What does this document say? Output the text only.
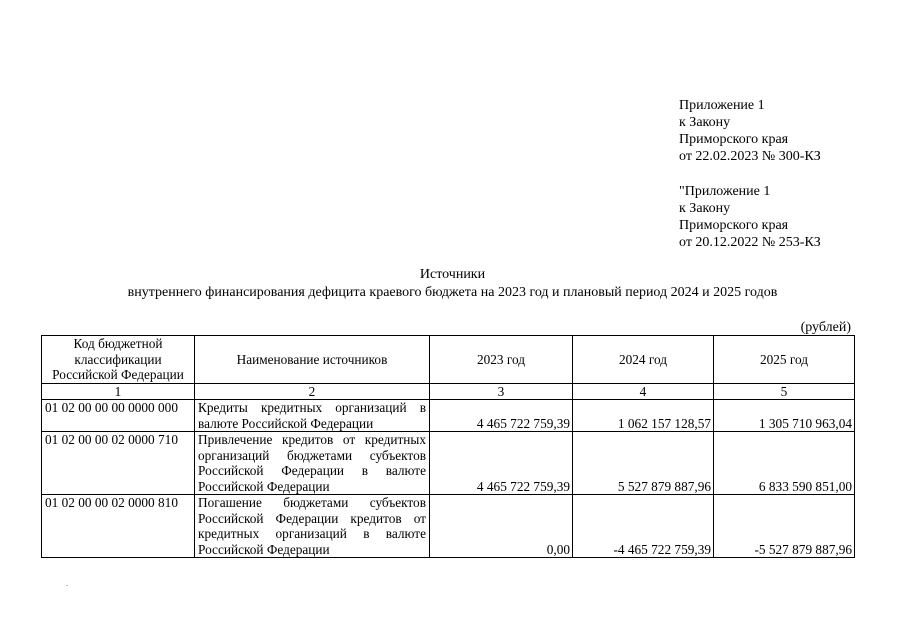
Приложение 1
к Закону
Приморского края
от 22.02.2023 № 300-КЗ
"Приложение 1
к Закону
Приморского края
от 20.12.2022 № 253-КЗ
Источники
внутреннего финансирования дефицита краевого бюджета на 2023 год и плановый период 2024 и 2025 годов
(рублей)
Код бюджетной классификации Российской Федерации	Наименование источников	2023 год	2024 год	2025 год
1	2	3	4	5
01 02 00 00 00 0000 000	Кредиты кредитных организаций в валюте Российской Федерации	4 465 722 759,39	1 062 157 128,57	1 305 710 963,04
01 02 00 00 02 0000 710	Привлечение кредитов от кредитных организаций бюджетами субъектов Российской Федерации в валюте Российской Федерации	4 465 722 759,39	5 527 879 887,96	6 833 590 851,00
01 02 00 00 02 0000 810	Погашение бюджетами субъектов Российской Федерации кредитов от кредитных организаций в валюте Российской Федерации	0,00	-4 465 722 759,39	-5 527 879 887,96
